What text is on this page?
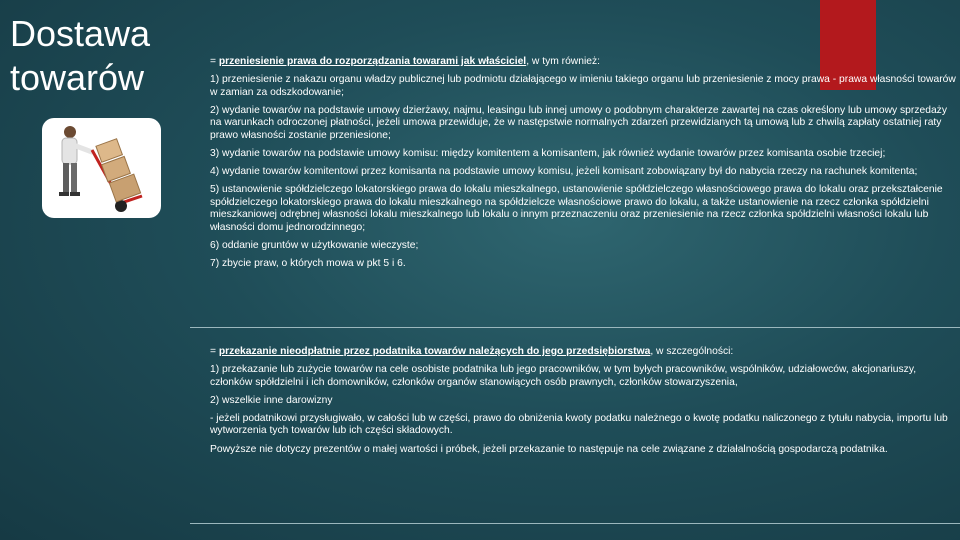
Dostawa towarów	= przeniesienie prawa do rozporządzania towarami jak właściciel, w tym również:

1) przeniesienie z nakazu organu władzy publicznej lub podmiotu działającego w imieniu takiego organu lub przeniesienie z mocy prawa - prawa własności towarów w zamian za odszkodowanie;

2) wydanie towarów na podstawie umowy dzierżawy, najmu, leasingu lub innej umowy o podobnym charakterze zawartej na czas określony lub umowy sprzedaży na warunkach odroczonej płatności, jeżeli umowa przewiduje, że w następstwie normalnych zdarzeń przewidzianych tą umową lub z chwilą zapłaty ostatniej raty prawo własności zostanie przeniesione;

3) wydanie towarów na podstawie umowy komisu: między komitentem a komisantem, jak również wydanie towarów przez komisanta osobie trzeciej;

4) wydanie towarów komitentowi przez komisanta na podstawie umowy komisu, jeżeli komisant zobowiązany był do nabycia rzeczy na rachunek komitenta;

5) ustanowienie spółdzielczego lokatorskiego prawa do lokalu mieszkalnego, ustanowienie spółdzielczego własnościowego prawa do lokalu oraz przekształcenie spółdzielczego lokatorskiego prawa do lokalu mieszkalnego na spółdzielcze własnościowe prawo do lokalu, a także ustanowienie na rzecz członka spółdzielni mieszkaniowej odrębnej własności lokalu mieszkalnego lub lokalu o innym przeznaczeniu oraz przeniesienie na rzecz członka spółdzielni własności lokalu lub własności domu jednorodzinnego;

6) oddanie gruntów w użytkowanie wieczyste;

7) zbycie praw, o których mowa w pkt 5 i 6.

= przekazanie nieodpłatnie przez podatnika towarów należących do jego przedsiębiorstwa, w szczególności:

1) przekazanie lub zużycie towarów na cele osobiste podatnika lub jego pracowników, w tym byłych pracowników, wspólników, udziałowców, akcjonariuszy, członków spółdzielni i ich domowników, członków organów stanowiących osób prawnych, członków stowarzyszenia,

2) wszelkie inne darowizny

- jeżeli podatnikowi przysługiwało, w całości lub w części, prawo do obniżenia kwoty podatku należnego o kwotę podatku naliczonego z tytułu nabycia, importu lub wytworzenia tych towarów lub ich części składowych.

Powyższe nie dotyczy prezentów o małej wartości i próbek, jeżeli przekazanie to następuje na cele związane z działalnością gospodarczą podatnika.
